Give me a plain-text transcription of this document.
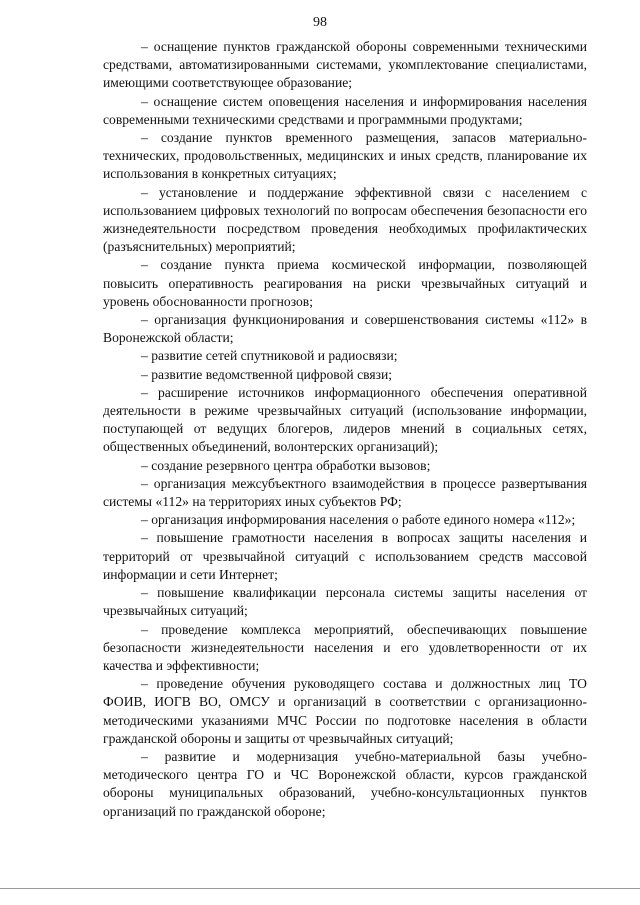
98

– оснащение пунктов гражданской обороны современными техническими средствами, автоматизированными системами, укомплектование специалистами, имеющими соответствующее образование;

– оснащение систем оповещения населения и информирования населения современными техническими средствами и программными продуктами;

– создание пунктов временного размещения, запасов материально-технических, продовольственных, медицинских и иных средств, планирование их использования в конкретных ситуациях;

– установление и поддержание эффективной связи с населением с использованием цифровых технологий по вопросам обеспечения безопасности его жизнедеятельности посредством проведения необходимых профилактических (разъяснительных) мероприятий;

– создание пункта приема космической информации, позволяющей повысить оперативность реагирования на риски чрезвычайных ситуаций и уровень обоснованности прогнозов;

– организация функционирования и совершенствования системы «112» в Воронежской области;

– развитие сетей спутниковой и радиосвязи;

– развитие ведомственной цифровой связи;

– расширение источников информационного обеспечения оперативной деятельности в режиме чрезвычайных ситуаций (использование информации, поступающей от ведущих блогеров, лидеров мнений в социальных сетях, общественных объединений, волонтерских организаций);

– создание резервного центра обработки вызовов;

– организация межсубъектного взаимодействия в процессе развертывания системы «112» на территориях иных субъектов РФ;

– организация информирования населения о работе единого номера «112»;

– повышение грамотности населения в вопросах защиты населения и территорий от чрезвычайной ситуаций с использованием средств массовой информации и сети Интернет;

– повышение квалификации персонала системы защиты населения от чрезвычайных ситуаций;

– проведение комплекса мероприятий, обеспечивающих повышение безопасности жизнедеятельности населения и его удовлетворенности от их качества и эффективности;

– проведение обучения руководящего состава и должностных лиц ТО ФОИВ, ИОГВ ВО, ОМСУ и организаций в соответствии с организационно-методическими указаниями МЧС России по подготовке населения в области гражданской обороны и защиты от чрезвычайных ситуаций;

– развитие и модернизация учебно-материальной базы учебно-методического центра ГО и ЧС Воронежской области, курсов гражданской обороны муниципальных образований, учебно-консультационных пунктов организаций по гражданской обороне;
